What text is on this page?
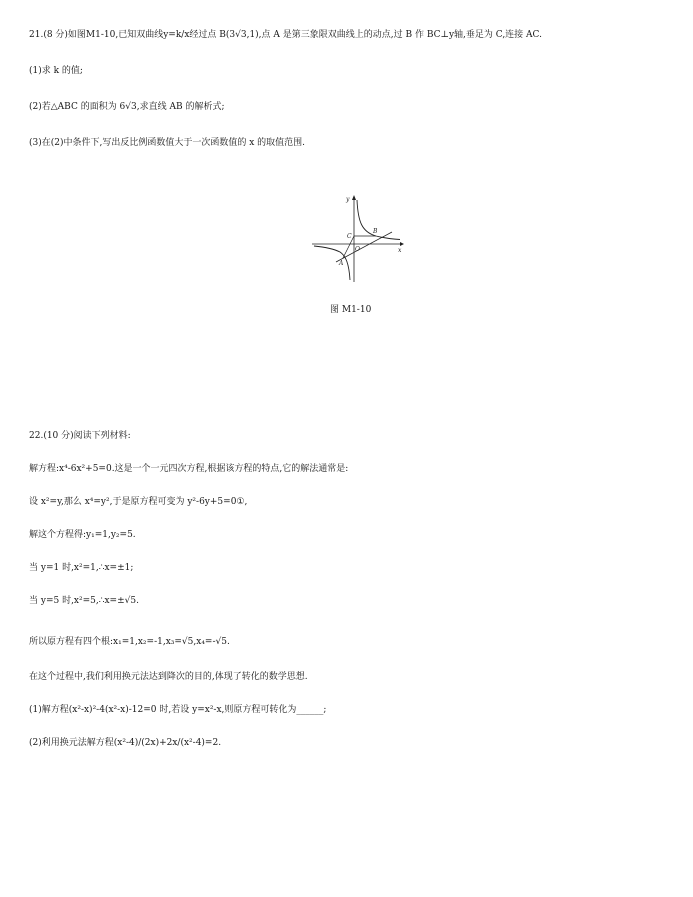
21.(8 分)如图M1-10,已知双曲线y=k/x经过点 B(3√3,1),点 A 是第三象限双曲线上的动点,过 B 作 BC⊥y轴,垂足为 C,连接 AC.
(1)求 k 的值;
(2)若△ABC 的面积为 6√3,求直线 AB 的解析式;
(3)在(2)中条件下,写出反比例函数值大于一次函数值的 x 的取值范围.
y
x
C
B
O
A
图 M1-10
22.(10 分)阅读下列材料:
解方程:x⁴-6x²+5=0.这是一个一元四次方程,根据该方程的特点,它的解法通常是:
设 x²=y,那么 x⁴=y²,于是原方程可变为 y²-6y+5=0①,
解这个方程得:y₁=1,y₂=5.
当 y=1 时,x²=1,∴x=±1;
当 y=5 时,x²=5,∴x=±√5.
所以原方程有四个根:x₁=1,x₂=-1,x₃=√5,x₄=-√5.
在这个过程中,我们利用换元法达到降次的目的,体现了转化的数学思想.
(1)解方程(x²-x)²-4(x²-x)-12=0 时,若设 y=x²-x,则原方程可转化为______;
(2)利用换元法解方程(x²-4)/(2x)+2x/(x²-4)=2.
